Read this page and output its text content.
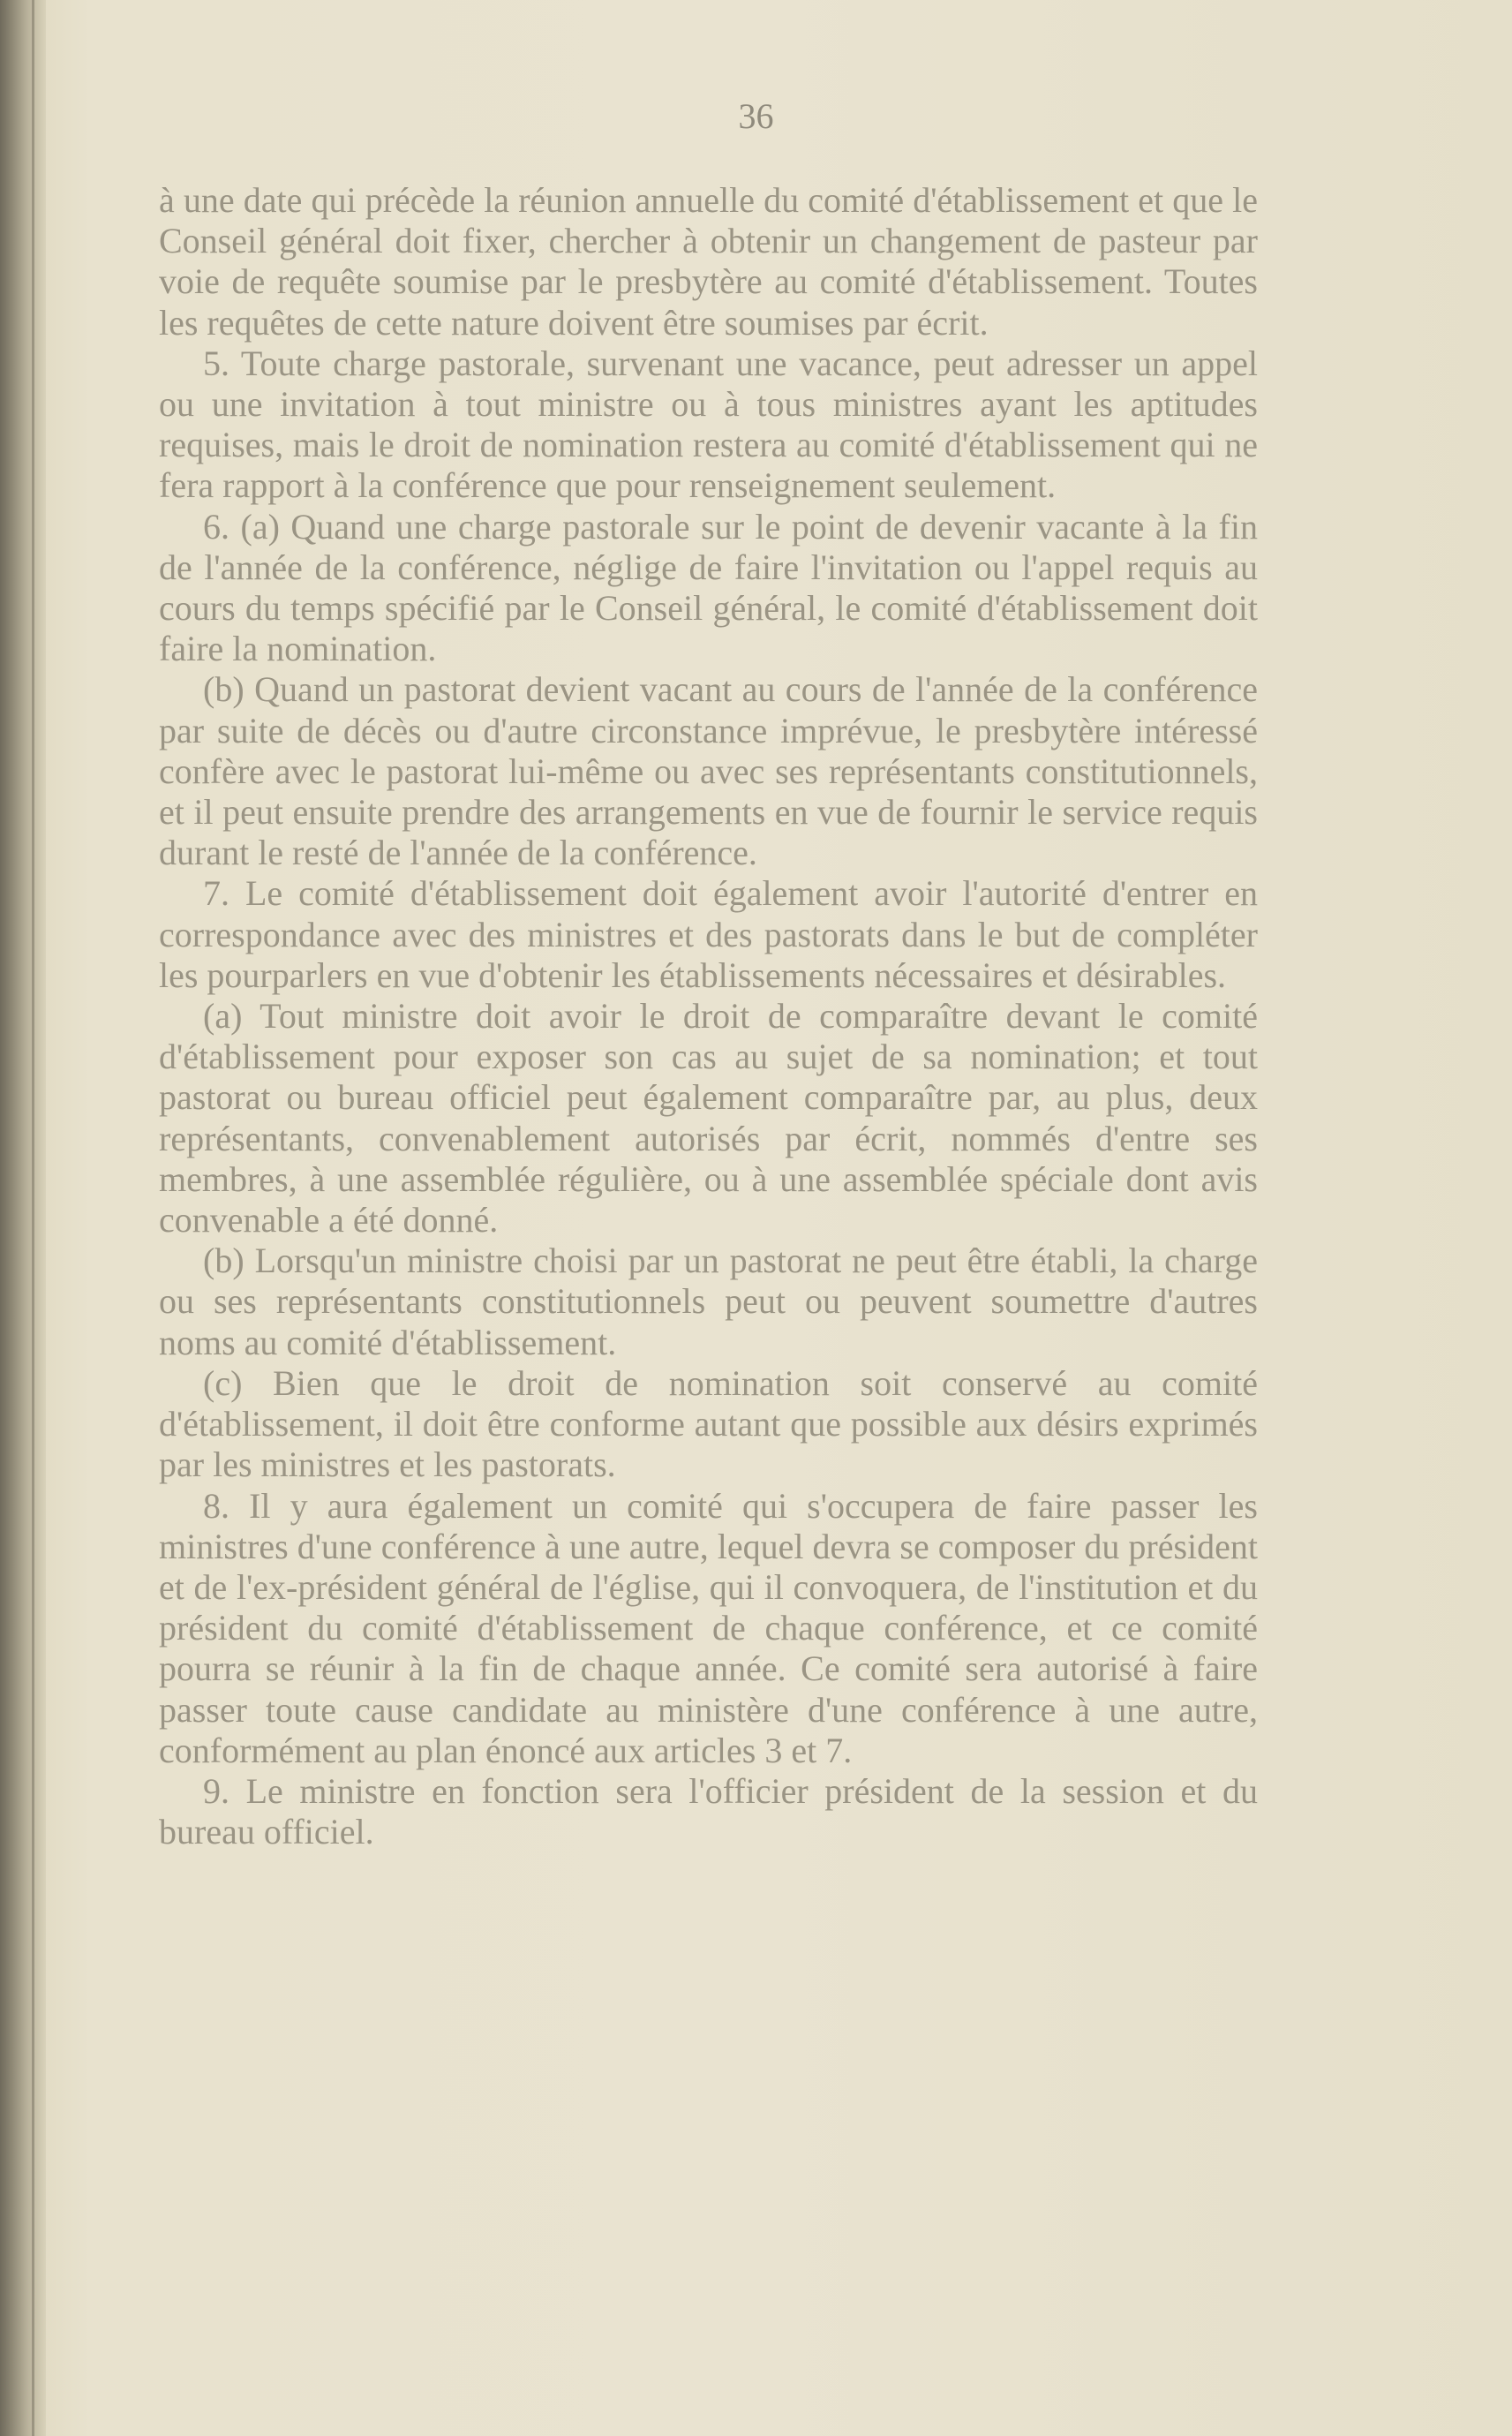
36

à une date qui précède la réunion annuelle du comité d'établissement et que le Conseil général doit fixer, chercher à obtenir un changement de pasteur par voie de requête soumise par le presbytère au comité d'établissement. Toutes les requêtes de cette nature doivent être soumises par écrit.

5. Toute charge pastorale, survenant une vacance, peut adresser un appel ou une invitation à tout ministre ou à tous ministres ayant les aptitudes requises, mais le droit de nomination restera au comité d'établissement qui ne fera rapport à la conférence que pour renseignement seulement.

6. (a) Quand une charge pastorale sur le point de devenir vacante à la fin de l'année de la conférence, néglige de faire l'invitation ou l'appel requis au cours du temps spécifié par le Conseil général, le comité d'établissement doit faire la nomination.

(b) Quand un pastorat devient vacant au cours de l'année de la conférence par suite de décès ou d'autre circonstance imprévue, le presbytère intéressé confère avec le pastorat lui-même ou avec ses représentants constitutionnels, et il peut ensuite prendre des arrangements en vue de fournir le service requis durant le resté de l'année de la conférence.

7. Le comité d'établissement doit également avoir l'autorité d'entrer en correspondance avec des ministres et des pastorats dans le but de compléter les pourparlers en vue d'obtenir les établissements nécessaires et désirables.

(a) Tout ministre doit avoir le droit de comparaître devant le comité d'établissement pour exposer son cas au sujet de sa nomination; et tout pastorat ou bureau officiel peut également comparaître par, au plus, deux représentants, convenablement autorisés par écrit, nommés d'entre ses membres, à une assemblée régulière, ou à une assemblée spéciale dont avis convenable a été donné.

(b) Lorsqu'un ministre choisi par un pastorat ne peut être établi, la charge ou ses représentants constitutionnels peut ou peuvent soumettre d'autres noms au comité d'établissement.

(c) Bien que le droit de nomination soit conservé au comité d'établissement, il doit être conforme autant que possible aux désirs exprimés par les ministres et les pastorats.

8. Il y aura également un comité qui s'occupera de faire passer les ministres d'une conférence à une autre, lequel devra se composer du président et de l'ex-président général de l'église, qui il convoquera, de l'institution et du président du comité d'établissement de chaque conférence, et ce comité pourra se réunir à la fin de chaque année. Ce comité sera autorisé à faire passer toute cause candidate au ministère d'une conférence à une autre, conformément au plan énoncé aux articles 3 et 7.

9. Le ministre en fonction sera l'officier président de la session et du bureau officiel.
